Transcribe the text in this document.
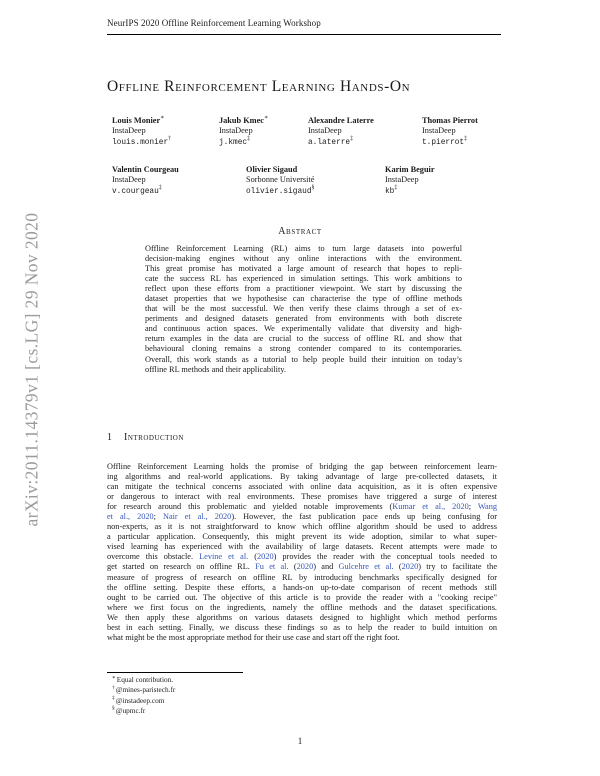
NeurIPS 2020 Offline Reinforcement Learning Workshop
Offline Reinforcement Learning Hands-On
Louis Monier∗
InstaDeep
louis.monier†
Jakub Kmec∗
InstaDeep
j.kmec‡
Alexandre Laterre
InstaDeep
a.laterre‡
Thomas Pierrot
InstaDeep
t.pierrot‡
Valentin Courgeau
InstaDeep
v.courgeau‡
Olivier Sigaud
Sorbonne Université
olivier.sigaud§
Karim Beguir
InstaDeep
kb‡
arXiv:2011.14379v1 [cs.LG] 29 Nov 2020	Abstract
Offline Reinforcement Learning (RL) aims to turn large datasets into powerful
decision-making engines without any online interactions with the environment.
This great promise has motivated a large amount of research that hopes to repli-
cate the success RL has experienced in simulation settings. This work ambitions to
reflect upon these efforts from a practitioner viewpoint. We start by discussing the
dataset properties that we hypothesise can characterise the type of offline methods
that will be the most successful. We then verify these claims through a set of ex-
periments and designed datasets generated from environments with both discrete
and continuous action spaces. We experimentally validate that diversity and high-
return examples in the data are crucial to the success of offline RL and show that
behavioural cloning remains a strong contender compared to its contemporaries.
Overall, this work stands as a tutorial to help people build their intuition on today’s
offline RL methods and their applicability.
1 Introduction
Offline Reinforcement Learning holds the promise of bridging the gap between reinforcement learn-
ing algorithms and real-world applications. By taking advantage of large pre-collected datasets, it
can mitigate the technical concerns associated with online data acquisition, as it is often expensive
or dangerous to interact with real environments. These promises have triggered a surge of interest
for research around this problematic and yielded notable improvements (Kumar et al., 2020; Wang
et al., 2020; Nair et al., 2020). However, the fast publication pace ends up being confusing for
non-experts, as it is not straightforward to know which offline algorithm should be used to address
a particular application. Consequently, this might prevent its wide adoption, similar to what super-
vised learning has experienced with the availability of large datasets. Recent attempts were made to
overcome this obstacle. Levine et al. (2020) provides the reader with the conceptual tools needed to
get started on research on offline RL. Fu et al. (2020) and Gulcehre et al. (2020) try to facilitate the
measure of progress of research on offline RL by introducing benchmarks specifically designed for
the offline setting. Despite these efforts, a hands-on up-to-date comparison of recent methods still
ought to be carried out. The objective of this article is to provide the reader with a "cooking recipe"
where we first focus on the ingredients, namely the offline methods and the dataset specifications.
We then apply these algorithms on various datasets designed to highlight which method performs
best in each setting. Finally, we discuss these findings so as to help the reader to build intuition on
what might be the most appropriate method for their use case and start off the right foot.
∗Equal contribution.
†@mines-paristech.fr
‡@instadeep.com
§@upmc.fr
1
